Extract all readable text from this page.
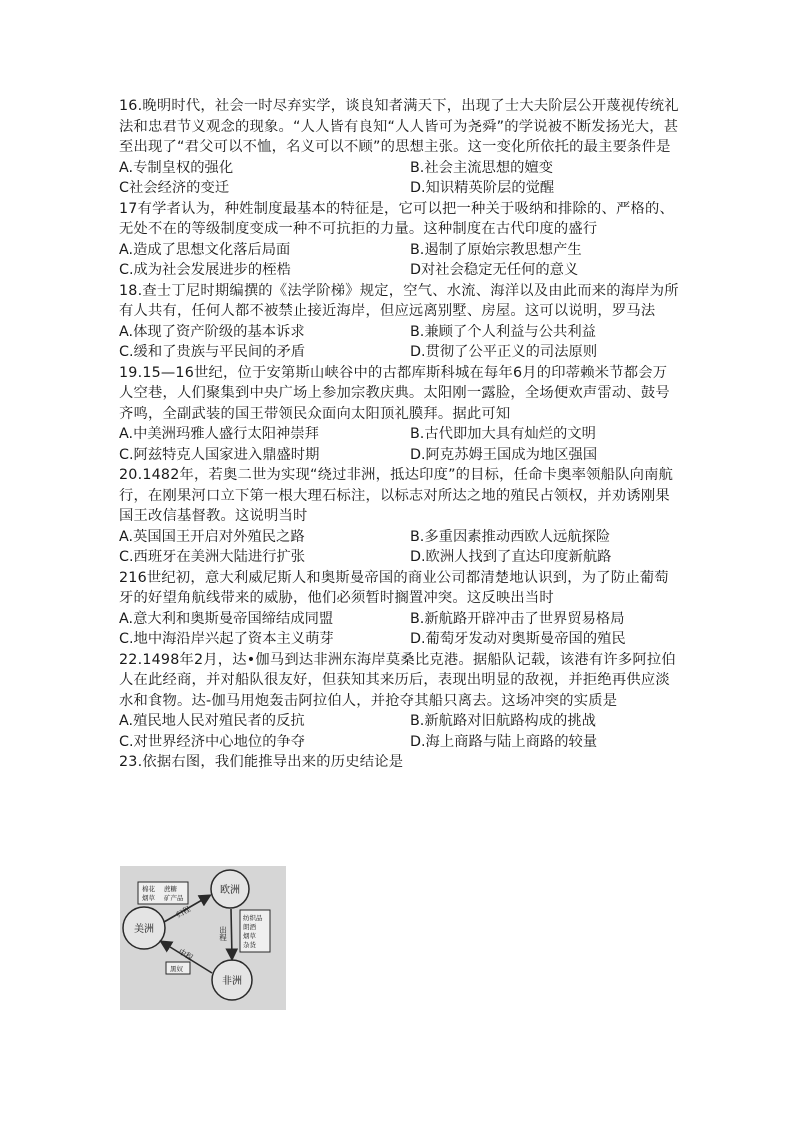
16.晚明时代，社会一时尽弃实学，谈良知者满天下，出现了士大夫阶层公开蔑视传统礼法和忠君节义观念的现象。“人人皆有良知“人人皆可为尧舜”的学说被不断发扬光大，甚至出现了“君父可以不恤，名义可以不顾”的思想主张。这一变化所依托的最主要条件是

A.专制皇权的强化	B.社会主流思想的嬗变
C社会经济的变迁	D.知识精英阶层的觉醒

17有学者认为，种姓制度最基本的特征是，它可以把一种关于吸纳和排除的、严格的、无处不在的等级制度变成一种不可抗拒的力量。这种制度在古代印度的盛行

A.造成了思想文化落后局面	B.遏制了原始宗教思想产生
C.成为社会发展进步的桎梏	D对社会稳定无任何的意义

18.查士丁尼时期编撰的《法学阶梯》规定，空气、水流、海洋以及由此而来的海岸为所有人共有，任何人都不被禁止接近海岸，但应远离别墅、房屋。这可以说明，罗马法

A.体现了资产阶级的基本诉求	B.兼顾了个人利益与公共利益
C.缓和了贵族与平民间的矛盾	D.贯彻了公平正义的司法原则

19.15—16世纪，位于安第斯山峡谷中的古都库斯科城在每年6月的印蒂赖米节都会万人空巷，人们聚集到中央广场上参加宗教庆典。太阳刚一露脸，全场便欢声雷动、鼓号齐鸣，全副武装的国王带领民众面向太阳顶礼膜拜。据此可知

A.中美洲玛雅人盛行太阳神崇拜	B.古代即加大具有灿烂的文明
C.阿兹特克人国家进入鼎盛时期	D.阿克苏姆王国成为地区强国

20.1482年，若奥二世为实现“绕过非洲，抵达印度”的目标，任命卡奥率领船队向南航行，在刚果河口立下第一根大理石标注，以标志对所达之地的殖民占领权，并劝诱刚果国王改信基督教。这说明当时

A.英国国王开启对外殖民之路	B.多重因素推动西欧人远航探险
C.西班牙在美洲大陆进行扩张	D.欧洲人找到了直达印度新航路

216世纪初，意大利威尼斯人和奥斯曼帝国的商业公司都清楚地认识到，为了防止葡萄牙的好望角航线带来的威胁，他们必须暂时搁置冲突。这反映出当时

A.意大利和奥斯曼帝国缔结成同盟	B.新航路开辟冲击了世界贸易格局
C.地中海沿岸兴起了资本主义萌芽	D.葡萄牙发动对奥斯曼帝国的殖民

22.1498年2月，达•伽马到达非洲东海岸莫桑比克港。据船队记载，该港有许多阿拉伯人在此经商，并对船队很友好，但获知其来历后，表现出明显的敌视，并拒绝再供应淡水和食物。达-伽马用炮轰击阿拉伯人，并抢夺其船只离去。这场冲突的实质是

A.殖民地人民对殖民者的反抗	B.新航路对旧航路构成的挑战
C.对世界经济中心地位的争夺	D.海上商路与陆上商路的较量

23.依据右图，我们能推导出来的历史结论是

美洲
欧洲
非洲
棉花 蔗糖
烟草 矿产品
纺织品
朗酒
烟草
杂货
黑奴
归程
出程
中程
